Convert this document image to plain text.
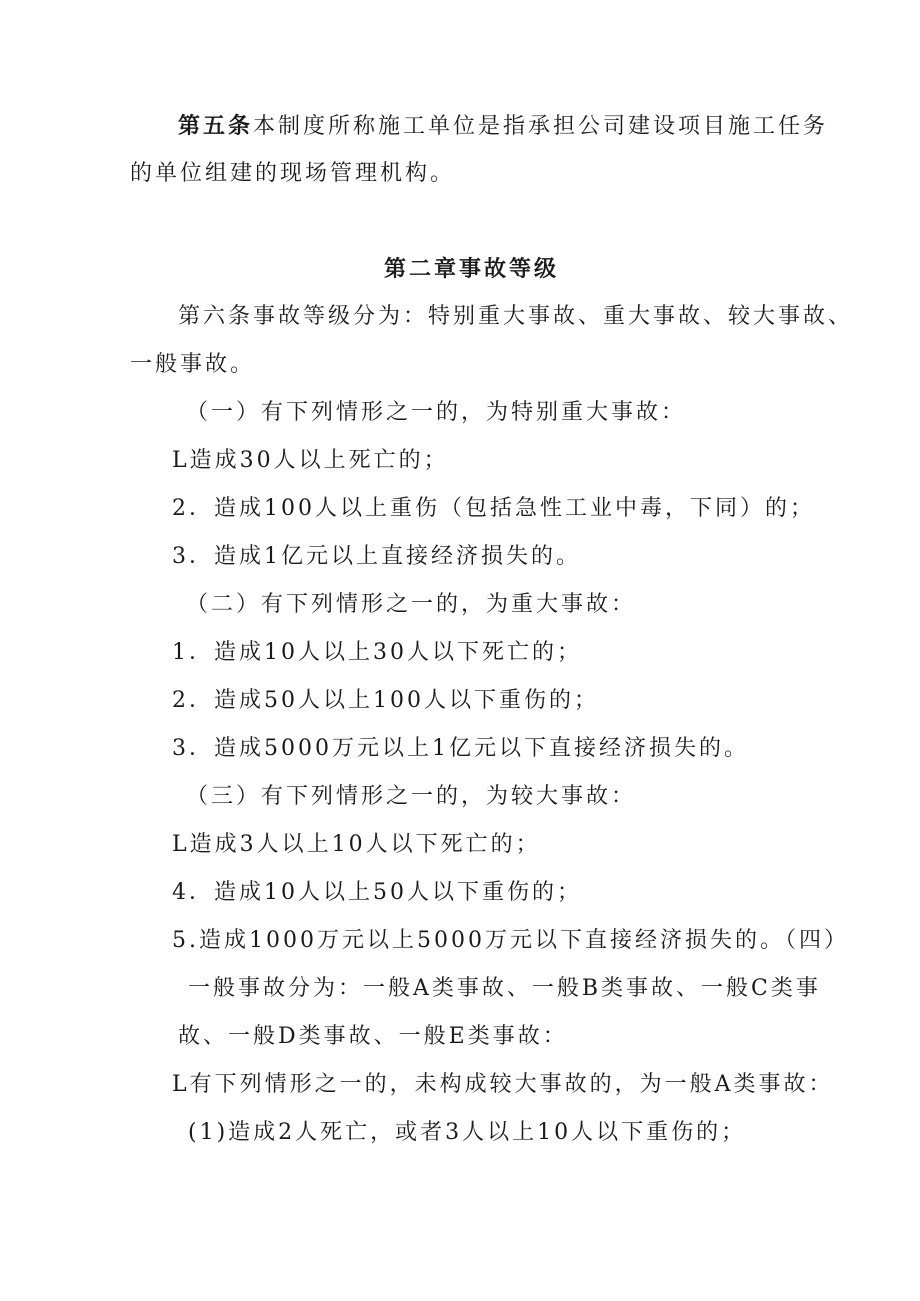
第五条本制度所称施工单位是指承担公司建设项目施工任务
的单位组建的现场管理机构。
第二章事故等级
第六条事故等级分为：特别重大事故、重大事故、较大事故、
一般事故。
（一）有下列情形之一的，为特别重大事故：
L造成30人以上死亡的；
2．造成100人以上重伤（包括急性工业中毒，下同）的；
3．造成1亿元以上直接经济损失的。
（二）有下列情形之一的，为重大事故：
1．造成10人以上30人以下死亡的；
2．造成50人以上100人以下重伤的；
3．造成5000万元以上1亿元以下直接经济损失的。
（三）有下列情形之一的，为较大事故：
L造成3人以上10人以下死亡的；
4．造成10人以上50人以下重伤的；
5.造成1000万元以上5000万元以下直接经济损失的。（四）
一般事故分为：一般A类事故、一般B类事故、一般C类事
故、一般D类事故、一般E类事故：
L有下列情形之一的，未构成较大事故的，为一般A类事故：
(1)造成2人死亡，或者3人以上10人以下重伤的；
